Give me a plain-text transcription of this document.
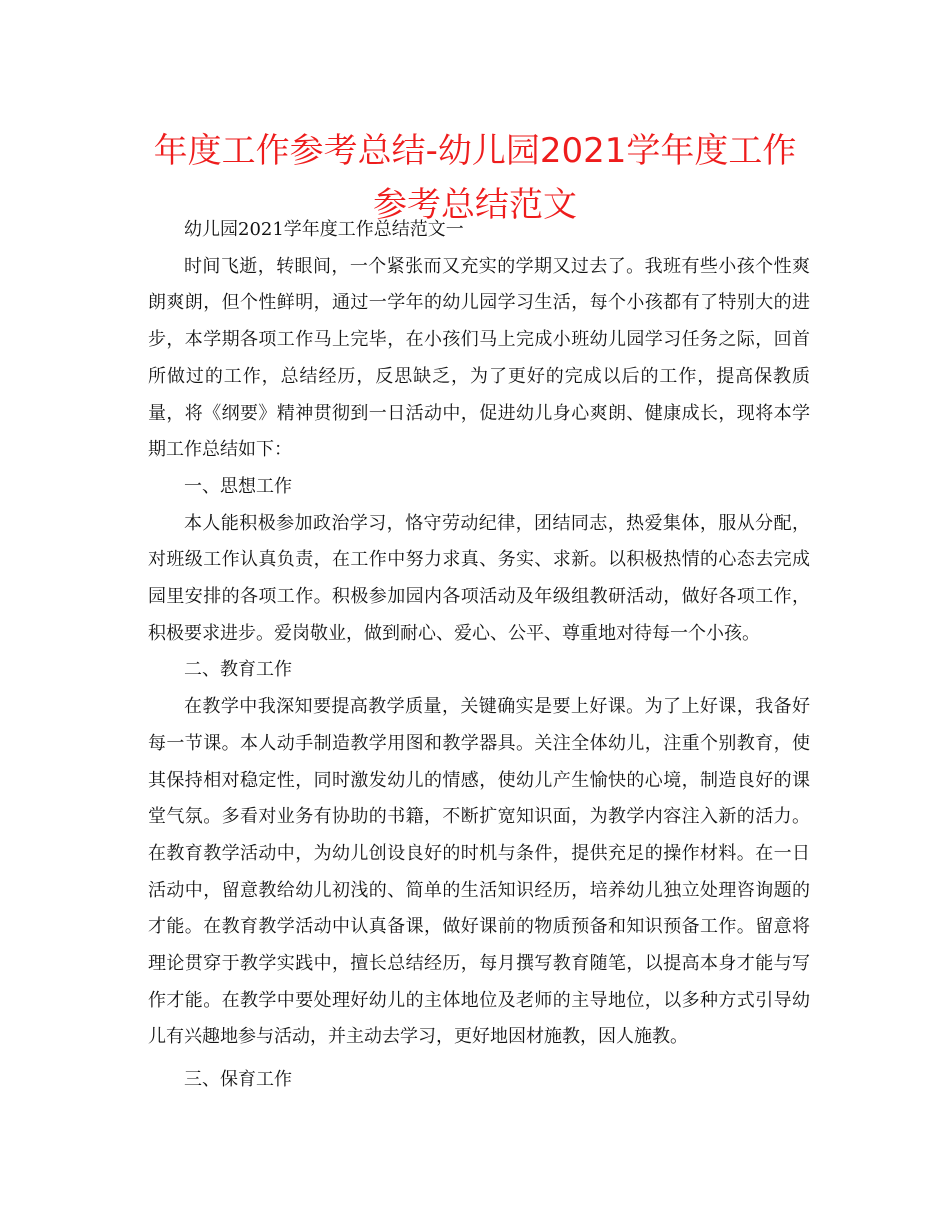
年度工作参考总结-幼儿园2021学年度工作参考总结范文

幼儿园2021学年度工作总结范文一

时间飞逝，转眼间，一个紧张而又充实的学期又过去了。我班有些小孩个性爽朗爽朗，但个性鲜明，通过一学年的幼儿园学习生活，每个小孩都有了特别大的进步，本学期各项工作马上完毕，在小孩们马上完成小班幼儿园学习任务之际，回首所做过的工作，总结经历，反思缺乏，为了更好的完成以后的工作，提高保教质量，将《纲要》精神贯彻到一日活动中，促进幼儿身心爽朗、健康成长，现将本学期工作总结如下：

一、思想工作

本人能积极参加政治学习，恪守劳动纪律，团结同志，热爱集体，服从分配，对班级工作认真负责，在工作中努力求真、务实、求新。以积极热情的心态去完成园里安排的各项工作。积极参加园内各项活动及年级组教研活动，做好各项工作，积极要求进步。爱岗敬业，做到耐心、爱心、公平、尊重地对待每一个小孩。

二、教育工作

在教学中我深知要提高教学质量，关键确实是要上好课。为了上好课，我备好每一节课。本人动手制造教学用图和教学器具。关注全体幼儿，注重个别教育，使其保持相对稳定性，同时激发幼儿的情感，使幼儿产生愉快的心境，制造良好的课堂气氛。多看对业务有协助的书籍，不断扩宽知识面，为教学内容注入新的活力。在教育教学活动中，为幼儿创设良好的时机与条件，提供充足的操作材料。在一日活动中，留意教给幼儿初浅的、简单的生活知识经历，培养幼儿独立处理咨询题的才能。在教育教学活动中认真备课，做好课前的物质预备和知识预备工作。留意将理论贯穿于教学实践中，擅长总结经历，每月撰写教育随笔，以提高本身才能与写作才能。在教学中要处理好幼儿的主体地位及老师的主导地位，以多种方式引导幼儿有兴趣地参与活动，并主动去学习，更好地因材施教，因人施教。

三、保育工作
